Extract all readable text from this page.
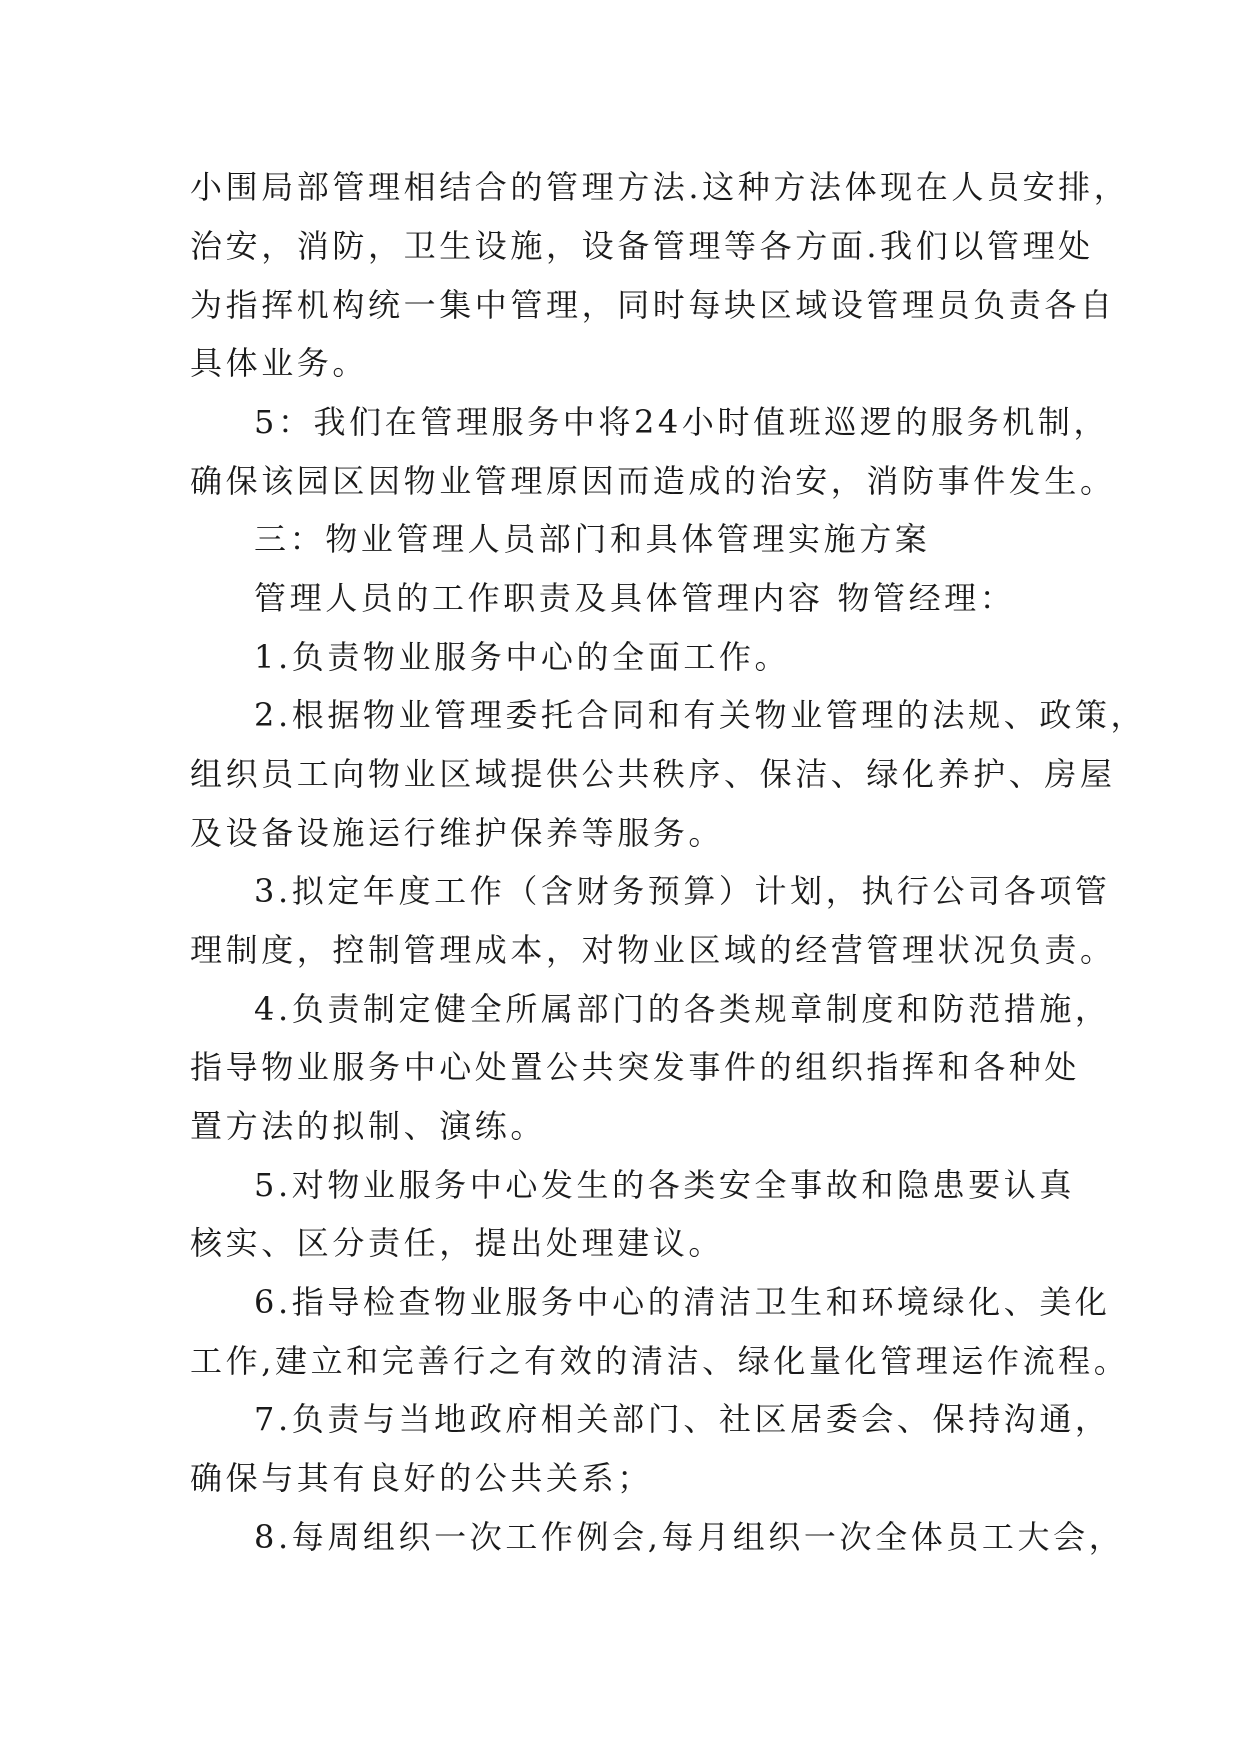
小围局部管理相结合的管理方法.这种方法体现在人员安排，
治安，消防，卫生设施，设备管理等各方面.我们以管理处
为指挥机构统一集中管理，同时每块区域设管理员负责各自
具体业务。
5：我们在管理服务中将24小时值班巡逻的服务机制，
确保该园区因物业管理原因而造成的治安，消防事件发生。
三：物业管理人员部门和具体管理实施方案
管理人员的工作职责及具体管理内容 物管经理：
1.负责物业服务中心的全面工作。
2.根据物业管理委托合同和有关物业管理的法规、政策，
组织员工向物业区域提供公共秩序、保洁、绿化养护、房屋
及设备设施运行维护保养等服务。
3.拟定年度工作（含财务预算）计划，执行公司各项管
理制度，控制管理成本，对物业区域的经营管理状况负责。
4.负责制定健全所属部门的各类规章制度和防范措施，
指导物业服务中心处置公共突发事件的组织指挥和各种处
置方法的拟制、演练。
5.对物业服务中心发生的各类安全事故和隐患要认真
核实、区分责任，提出处理建议。
6.指导检查物业服务中心的清洁卫生和环境绿化、美化
工作,建立和完善行之有效的清洁、绿化量化管理运作流程。
7.负责与当地政府相关部门、社区居委会、保持沟通，
确保与其有良好的公共关系；
8.每周组织一次工作例会,每月组织一次全体员工大会，
